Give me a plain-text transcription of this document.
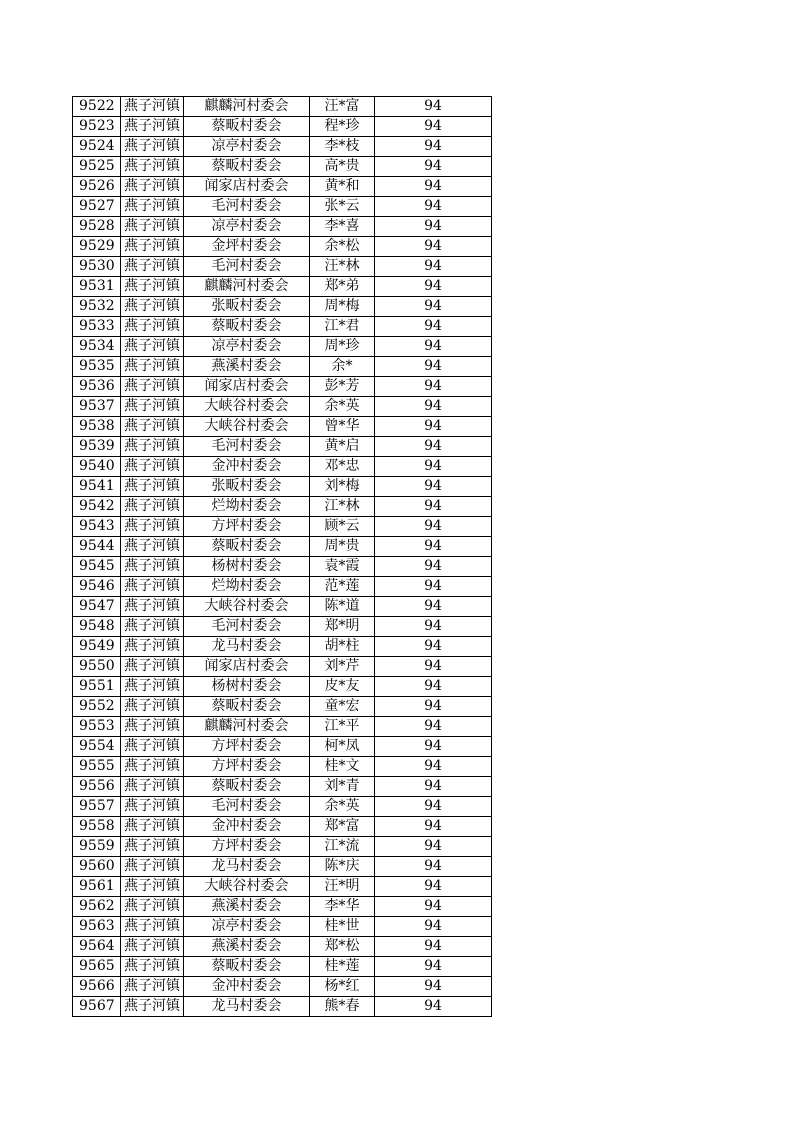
9522	燕子河镇	麒麟河村委会	汪*富	94
9523	燕子河镇	蔡畈村委会	程*珍	94
9524	燕子河镇	凉亭村委会	李*枝	94
9525	燕子河镇	蔡畈村委会	高*贵	94
9526	燕子河镇	闻家店村委会	黄*和	94
9527	燕子河镇	毛河村委会	张*云	94
9528	燕子河镇	凉亭村委会	李*喜	94
9529	燕子河镇	金坪村委会	余*松	94
9530	燕子河镇	毛河村委会	汪*林	94
9531	燕子河镇	麒麟河村委会	郑*弟	94
9532	燕子河镇	张畈村委会	周*梅	94
9533	燕子河镇	蔡畈村委会	江*君	94
9534	燕子河镇	凉亭村委会	周*珍	94
9535	燕子河镇	燕溪村委会	余*	94
9536	燕子河镇	闻家店村委会	彭*芳	94
9537	燕子河镇	大峡谷村委会	余*英	94
9538	燕子河镇	大峡谷村委会	曾*华	94
9539	燕子河镇	毛河村委会	黄*启	94
9540	燕子河镇	金冲村委会	邓*忠	94
9541	燕子河镇	张畈村委会	刘*梅	94
9542	燕子河镇	烂坳村委会	江*林	94
9543	燕子河镇	方坪村委会	顾*云	94
9544	燕子河镇	蔡畈村委会	周*贵	94
9545	燕子河镇	杨树村委会	袁*霞	94
9546	燕子河镇	烂坳村委会	范*莲	94
9547	燕子河镇	大峡谷村委会	陈*道	94
9548	燕子河镇	毛河村委会	郑*明	94
9549	燕子河镇	龙马村委会	胡*柱	94
9550	燕子河镇	闻家店村委会	刘*芹	94
9551	燕子河镇	杨树村委会	皮*友	94
9552	燕子河镇	蔡畈村委会	童*宏	94
9553	燕子河镇	麒麟河村委会	江*平	94
9554	燕子河镇	方坪村委会	柯*凤	94
9555	燕子河镇	方坪村委会	桂*文	94
9556	燕子河镇	蔡畈村委会	刘*青	94
9557	燕子河镇	毛河村委会	余*英	94
9558	燕子河镇	金冲村委会	郑*富	94
9559	燕子河镇	方坪村委会	江*流	94
9560	燕子河镇	龙马村委会	陈*庆	94
9561	燕子河镇	大峡谷村委会	汪*明	94
9562	燕子河镇	燕溪村委会	李*华	94
9563	燕子河镇	凉亭村委会	桂*世	94
9564	燕子河镇	燕溪村委会	郑*松	94
9565	燕子河镇	蔡畈村委会	桂*莲	94
9566	燕子河镇	金冲村委会	杨*红	94
9567	燕子河镇	龙马村委会	熊*春	94
